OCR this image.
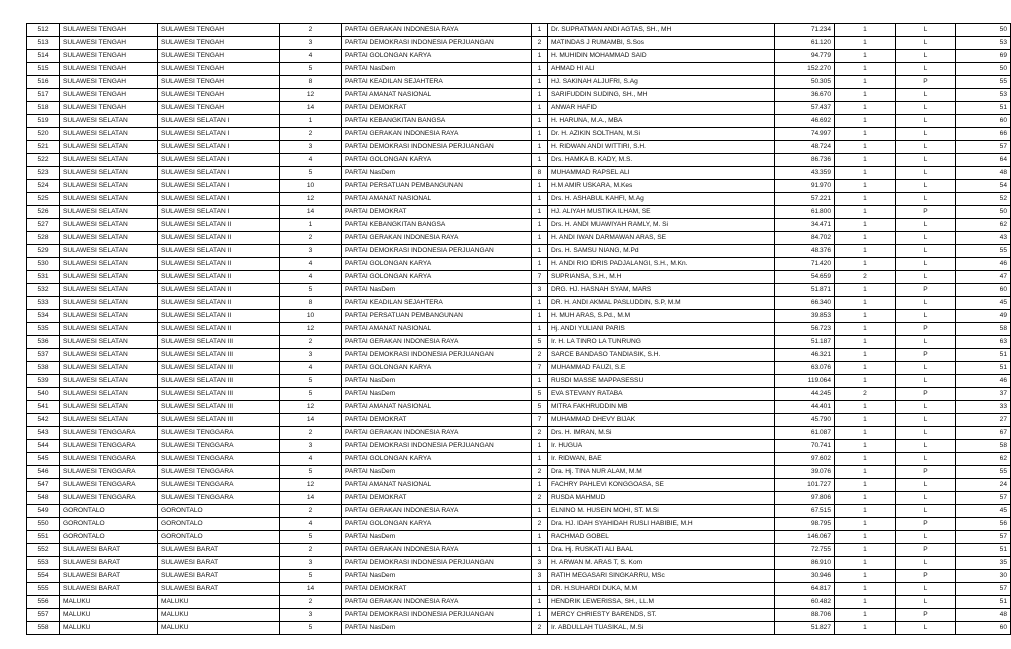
512	SULAWESI TENGAH	SULAWESI TENGAH	2	PARTAI GERAKAN INDONESIA RAYA	1	Dr. SUPRATMAN ANDI AGTAS, SH., MH	71.234	1	L	50
513	SULAWESI TENGAH	SULAWESI TENGAH	3	PARTAI DEMOKRASI INDONESIA PERJUANGAN	2	MATINDAS J RUMAMBI, S.Sos	61.120	1	L	53
514	SULAWESI TENGAH	SULAWESI TENGAH	4	PARTAI GOLONGAN KARYA	1	H. MUHIDIN MOHAMMAD SAID	94.779	1	L	69
515	SULAWESI TENGAH	SULAWESI TENGAH	5	PARTAI NasDem	1	AHMAD HI ALI	152.270	1	L	50
516	SULAWESI TENGAH	SULAWESI TENGAH	8	PARTAI KEADILAN SEJAHTERA	1	HJ. SAKINAH ALJUFRI, S.Ag	50.305	1	P	55
517	SULAWESI TENGAH	SULAWESI TENGAH	12	PARTAI AMANAT NASIONAL	1	SARIFUDDIN SUDING, SH., MH	36.670	1	L	53
518	SULAWESI TENGAH	SULAWESI TENGAH	14	PARTAI DEMOKRAT	1	ANWAR HAFID	57.437	1	L	51
519	SULAWESI SELATAN	SULAWESI SELATAN I	1	PARTAI KEBANGKITAN BANGSA	1	H. HARUNA, M.A., MBA	46.692	1	L	60
520	SULAWESI SELATAN	SULAWESI SELATAN I	2	PARTAI GERAKAN INDONESIA RAYA	1	Dr. H. AZIKIN SOLTHAN, M.Si	74.997	1	L	66
521	SULAWESI SELATAN	SULAWESI SELATAN I	3	PARTAI DEMOKRASI INDONESIA PERJUANGAN	1	H. RIDWAN ANDI WITTIRI, S.H.	48.724	1	L	57
522	SULAWESI SELATAN	SULAWESI SELATAN I	4	PARTAI GOLONGAN KARYA	1	Drs. HAMKA B. KADY, M.S.	86.736	1	L	64
523	SULAWESI SELATAN	SULAWESI SELATAN I	5	PARTAI NasDem	8	MUHAMMAD RAPSEL ALI	43.359	1	L	48
524	SULAWESI SELATAN	SULAWESI SELATAN I	10	PARTAI PERSATUAN PEMBANGUNAN	1	H.M AMIR USKARA, M.Kes	91.970	1	L	54
525	SULAWESI SELATAN	SULAWESI SELATAN I	12	PARTAI AMANAT NASIONAL	1	Drs. H. ASHABUL KAHFI, M.Ag	57.221	1	L	52
526	SULAWESI SELATAN	SULAWESI SELATAN I	14	PARTAI DEMOKRAT	1	HJ. ALIYAH MUSTIKA ILHAM, SE	61.800	1	P	50
527	SULAWESI SELATAN	SULAWESI SELATAN II	1	PARTAI KEBANGKITAN BANGSA	1	Drs. H. ANDI MUAWIYAH RAMLY, M. Si	34.471	1	L	62
528	SULAWESI SELATAN	SULAWESI SELATAN II	2	PARTAI GERAKAN INDONESIA RAYA	1	H. ANDI IWAN DARMAWAN ARAS, SE	84.702	1	L	43
529	SULAWESI SELATAN	SULAWESI SELATAN II	3	PARTAI DEMOKRASI INDONESIA PERJUANGAN	1	Drs. H. SAMSU NIANG, M.Pd	48.376	1	L	55
530	SULAWESI SELATAN	SULAWESI SELATAN II	4	PARTAI GOLONGAN KARYA	1	H. ANDI RIO IDRIS PADJALANGI, S.H., M.Kn.	71.420	1	L	46
531	SULAWESI SELATAN	SULAWESI SELATAN II	4	PARTAI GOLONGAN KARYA	7	SUPRIANSA, S.H., M.H	54.659	2	L	47
532	SULAWESI SELATAN	SULAWESI SELATAN II	5	PARTAI NasDem	3	DRG. HJ. HASNAH SYAM, MARS	51.871	1	P	60
533	SULAWESI SELATAN	SULAWESI SELATAN II	8	PARTAI KEADILAN SEJAHTERA	1	DR. H. ANDI AKMAL PASLUDDIN, S.P, M.M	66.340	1	L	45
534	SULAWESI SELATAN	SULAWESI SELATAN II	10	PARTAI PERSATUAN PEMBANGUNAN	1	H. MUH ARAS, S.Pd., M.M	39.853	1	L	49
535	SULAWESI SELATAN	SULAWESI SELATAN II	12	PARTAI AMANAT NASIONAL	1	Hj. ANDI YULIANI PARIS	56.723	1	P	58
536	SULAWESI SELATAN	SULAWESI SELATAN III	2	PARTAI GERAKAN INDONESIA RAYA	5	Ir. H. LA TINRO LA TUNRUNG	51.187	1	L	63
537	SULAWESI SELATAN	SULAWESI SELATAN III	3	PARTAI DEMOKRASI INDONESIA PERJUANGAN	2	SARCE BANDASO TANDIASIK, S.H.	46.321	1	P	51
538	SULAWESI SELATAN	SULAWESI SELATAN III	4	PARTAI GOLONGAN KARYA	7	MUHAMMAD FAUZI, S.E	63.076	1	L	51
539	SULAWESI SELATAN	SULAWESI SELATAN III	5	PARTAI NasDem	1	RUSDI MASSE MAPPASESSU	119.064	1	L	46
540	SULAWESI SELATAN	SULAWESI SELATAN III	5	PARTAI NasDem	5	EVA STEVANY RATABA	44.245	2	P	37
541	SULAWESI SELATAN	SULAWESI SELATAN III	12	PARTAI AMANAT NASIONAL	5	MITRA FAKHRUDDIN MB	44.401	1	L	33
542	SULAWESI SELATAN	SULAWESI SELATAN III	14	PARTAI DEMOKRAT	7	MUHAMMAD DHEVY BIJAK	45.790	1	L	27
543	SULAWESI TENGGARA	SULAWESI TENGGARA	2	PARTAI GERAKAN INDONESIA RAYA	2	Drs. H. IMRAN, M.Si	61.087	1	L	67
544	SULAWESI TENGGARA	SULAWESI TENGGARA	3	PARTAI DEMOKRASI INDONESIA PERJUANGAN	1	Ir. HUGUA	70.741	1	L	58
545	SULAWESI TENGGARA	SULAWESI TENGGARA	4	PARTAI GOLONGAN KARYA	1	Ir. RIDWAN, BAE	97.602	1	L	62
546	SULAWESI TENGGARA	SULAWESI TENGGARA	5	PARTAI NasDem	2	Dra. Hj. TINA NUR ALAM, M.M	39.076	1	P	55
547	SULAWESI TENGGARA	SULAWESI TENGGARA	12	PARTAI AMANAT NASIONAL	1	FACHRY PAHLEVI KONGGOASA, SE	101.727	1	L	24
548	SULAWESI TENGGARA	SULAWESI TENGGARA	14	PARTAI DEMOKRAT	2	RUSDA MAHMUD	97.806	1	L	57
549	GORONTALO	GORONTALO	2	PARTAI GERAKAN INDONESIA RAYA	1	ELNINO M. HUSEIN MOHI, ST. M.Si	67.515	1	L	45
550	GORONTALO	GORONTALO	4	PARTAI GOLONGAN KARYA	2	Dra. HJ. IDAH SYAHIDAH RUSLI HABIBIE, M.H	98.795	1	P	56
551	GORONTALO	GORONTALO	5	PARTAI NasDem	1	RACHMAD GOBEL	146.067	1	L	57
552	SULAWESI BARAT	SULAWESI BARAT	2	PARTAI GERAKAN INDONESIA RAYA	1	Dra. Hj. RUSKATI ALI BAAL	72.755	1	P	51
553	SULAWESI BARAT	SULAWESI BARAT	3	PARTAI DEMOKRASI INDONESIA PERJUANGAN	3	H. ARWAN M. ARAS T, S. Kom	86.910	1	L	35
554	SULAWESI BARAT	SULAWESI BARAT	5	PARTAI NasDem	3	RATIH MEGASARI SINGKARRU, MSc	30.946	1	P	30
555	SULAWESI BARAT	SULAWESI BARAT	14	PARTAI DEMOKRAT	1	DR. H.SUHARDI DUKA, M.M	64.817	1	L	57
556	MALUKU	MALUKU	2	PARTAI GERAKAN INDONESIA RAYA	1	HENDRIK LEWERISSA, SH., LL.M	60.482	1	L	51
557	MALUKU	MALUKU	3	PARTAI DEMOKRASI INDONESIA PERJUANGAN	1	MERCY CHRIESTY BARENDS, ST.	88.706	1	P	48
558	MALUKU	MALUKU	5	PARTAI NasDem	2	Ir. ABDULLAH TUASIKAL, M.Si	51.827	1	L	60
